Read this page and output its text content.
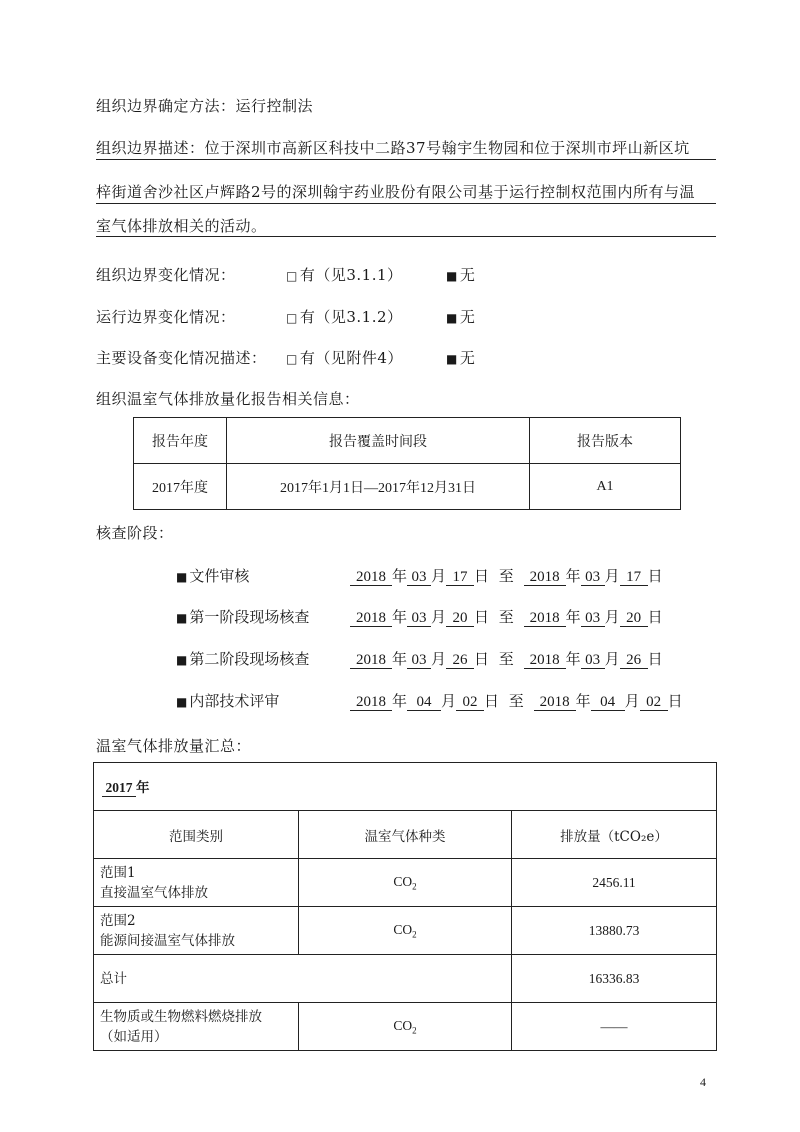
组织边界确定方法：运行控制法
组织边界描述：位于深圳市高新区科技中二路37号翰宇生物园和位于深圳市坪山新区坑
梓街道舍沙社区卢辉路2号的深圳翰宇药业股份有限公司基于运行控制权范围内所有与温
室气体排放相关的活动。
组织边界变化情况：	□ 有（见3.1.1）	■ 无
运行边界变化情况：	□ 有（见3.1.2）	■ 无
主要设备变化情况描述： □ 有（见附件4）	■ 无
组织温室气体排放量化报告相关信息：
报告年度	报告覆盖时间段	报告版本
2017年度	2017年1月1日—2017年12月31日	A1
核查阶段：
■ 文件审核	2018 年 03 月 17 日 至 2018 年 03 月 17 日
■ 第一阶段现场核查	2018 年 03 月 20 日 至 2018 年 03 月 20 日
■ 第二阶段现场核查	2018 年 03 月 26 日 至 2018 年 03 月 26 日
■ 内部技术评审	2018 年 04 月 02 日 至 2018 年 04 月 02 日
温室气体排放量汇总：
2017 年		
范围类别	温室气体种类	排放量（tCO₂e）
范围1
直接温室气体排放	$CO_2$	2456.11
范围2
能源间接温室气体排放	$CO_2$	13880.73
总计		16336.83
生物质或生物燃料燃烧排放
（如适用）	$CO_2$	——
4
